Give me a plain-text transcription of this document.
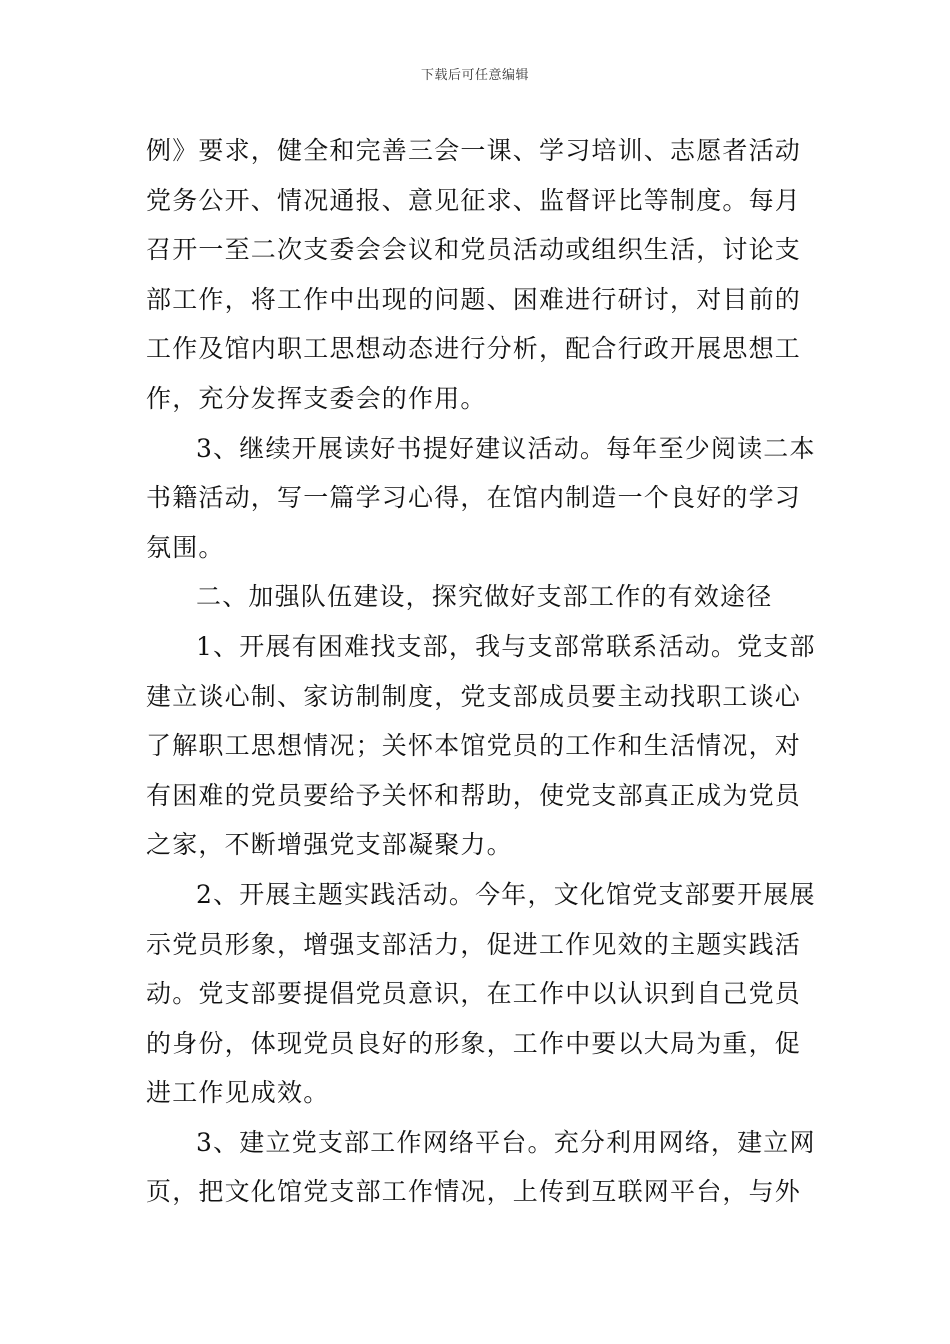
下载后可任意编辑
例》要求，健全和完善三会一课、学习培训、志愿者活动
党务公开、情况通报、意见征求、监督评比等制度。每月
召开一至二次支委会会议和党员活动或组织生活，讨论支
部工作，将工作中出现的问题、困难进行研讨，对目前的
工作及馆内职工思想动态进行分析，配合行政开展思想工
作，充分发挥支委会的作用。
3、继续开展读好书提好建议活动。每年至少阅读二本
书籍活动，写一篇学习心得，在馆内制造一个良好的学习
氛围。
二、加强队伍建设，探究做好支部工作的有效途径
1、开展有困难找支部，我与支部常联系活动。党支部
建立谈心制、家访制制度，党支部成员要主动找职工谈心
了解职工思想情况；关怀本馆党员的工作和生活情况，对
有困难的党员要给予关怀和帮助，使党支部真正成为党员
之家，不断增强党支部凝聚力。
2、开展主题实践活动。今年，文化馆党支部要开展展
示党员形象，增强支部活力，促进工作见效的主题实践活
动。党支部要提倡党员意识，在工作中以认识到自己党员
的身份，体现党员良好的形象，工作中要以大局为重，促
进工作见成效。
3、建立党支部工作网络平台。充分利用网络，建立网
页，把文化馆党支部工作情况，上传到互联网平台，与外
